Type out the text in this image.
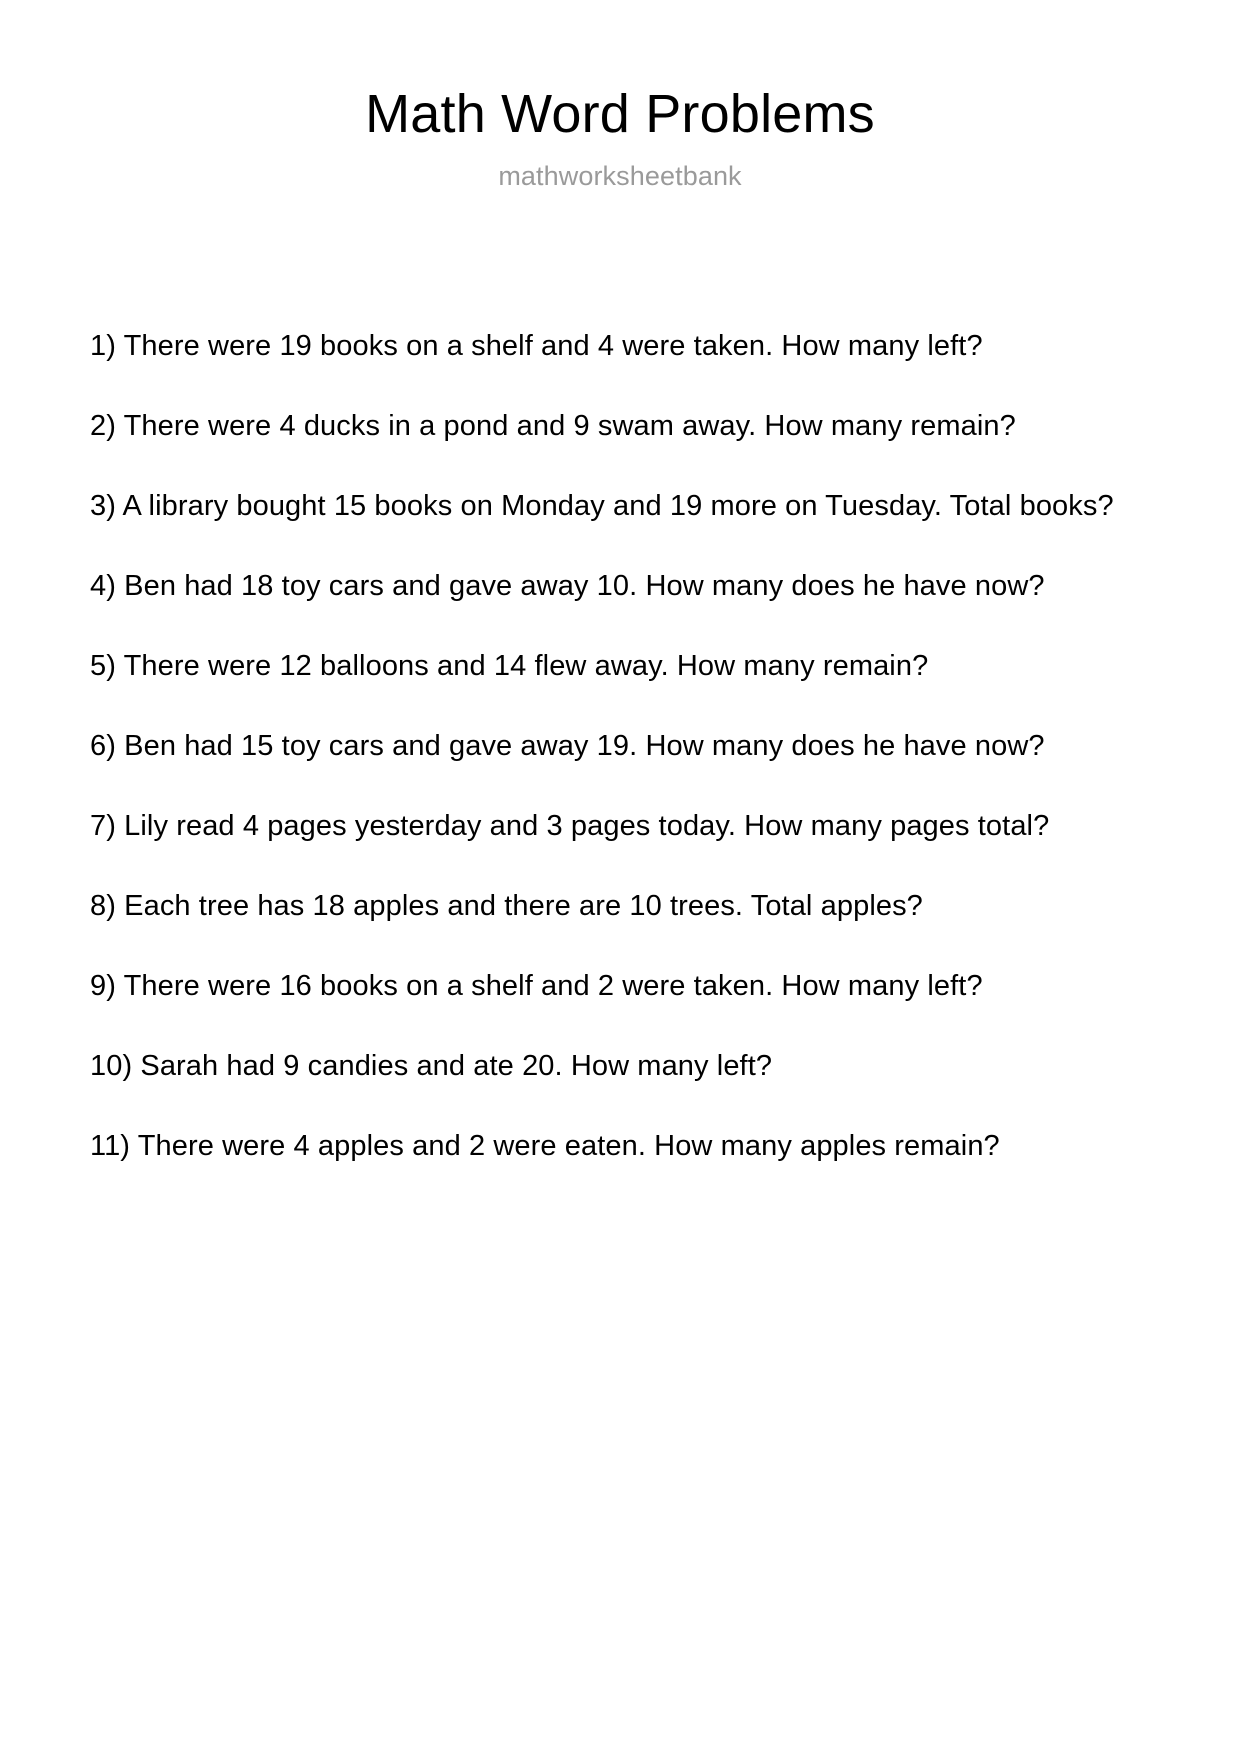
Math Word Problems

mathworksheetbank

1) There were 19 books on a shelf and 4 were taken. How many left?
2) There were 4 ducks in a pond and 9 swam away. How many remain?
3) A library bought 15 books on Monday and 19 more on Tuesday. Total books?
4) Ben had 18 toy cars and gave away 10. How many does he have now?
5) There were 12 balloons and 14 flew away. How many remain?
6) Ben had 15 toy cars and gave away 19. How many does he have now?
7) Lily read 4 pages yesterday and 3 pages today. How many pages total?
8) Each tree has 18 apples and there are 10 trees. Total apples?
9) There were 16 books on a shelf and 2 were taken. How many left?
10) Sarah had 9 candies and ate 20. How many left?
11) There were 4 apples and 2 were eaten. How many apples remain?
